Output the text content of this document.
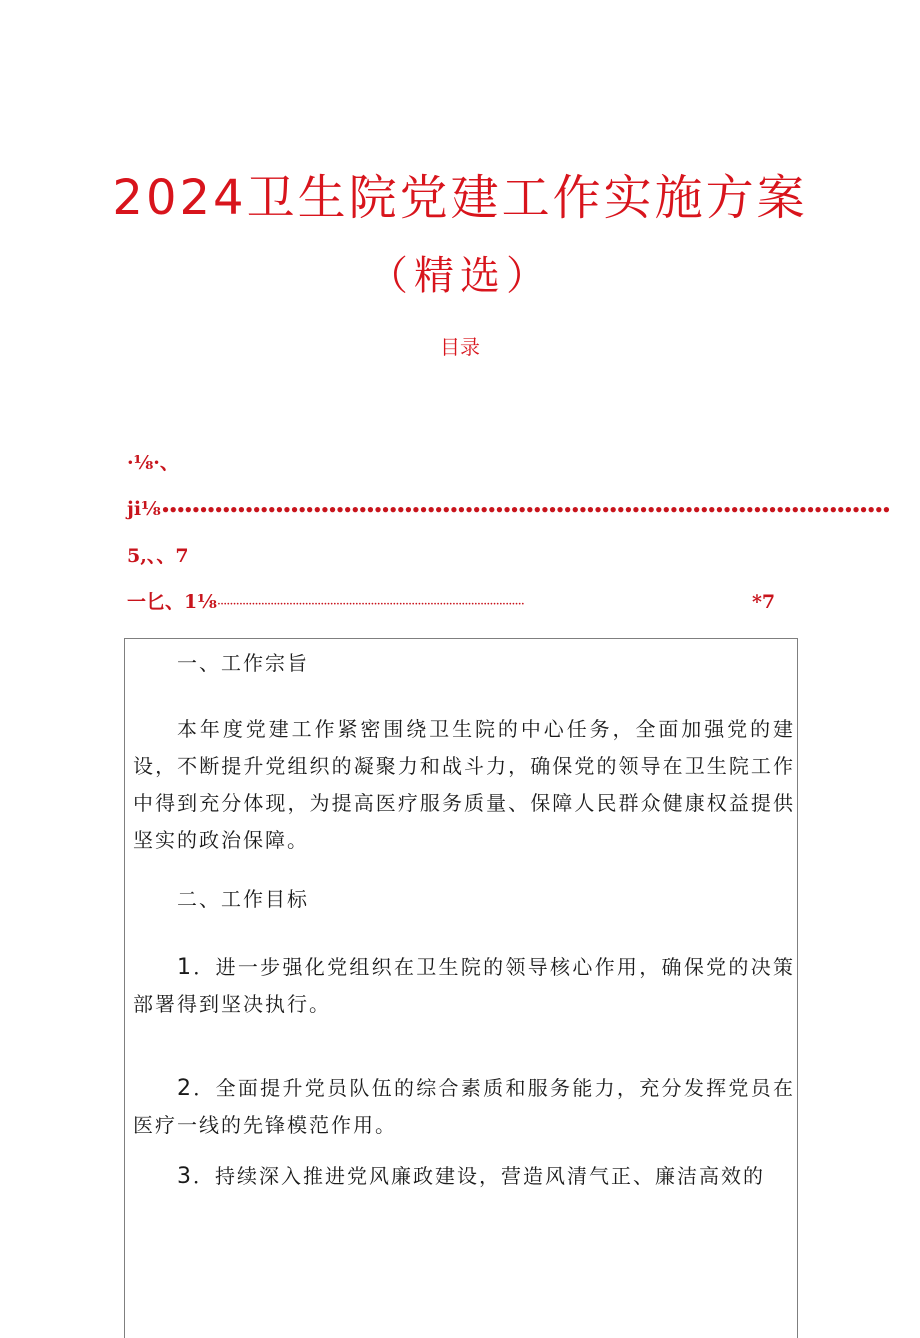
2024卫生院党建工作实施方案
（精选）
目录
·⅛·、
ji⅛••••••••••••••••••••••••••••••••••••••••••••••••••••••••••••••••••••••••••••••••••••••••••••••••
5,、、7
一匕、1⅛··································································································	*7
一、工作宗旨
本年度党建工作紧密围绕卫生院的中心任务，全面加强党的建设，不断提升党组织的凝聚力和战斗力，确保党的领导在卫生院工作中得到充分体现，为提高医疗服务质量、保障人民群众健康权益提供坚实的政治保障。
二、工作目标
1．进一步强化党组织在卫生院的领导核心作用，确保党的决策部署得到坚决执行。
2．全面提升党员队伍的综合素质和服务能力，充分发挥党员在医疗一线的先锋模范作用。
3．持续深入推进党风廉政建设，营造风清气正、廉洁高效的
